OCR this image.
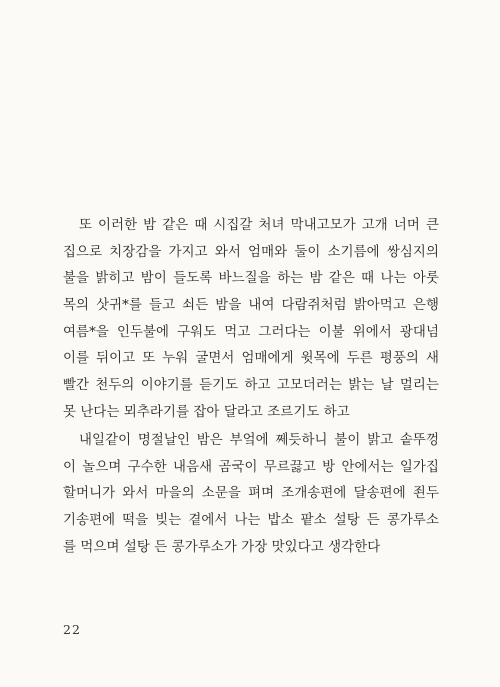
또 이러한 밤 같은 때 시집갈 처녀 막내고모가 고개 너머 큰
집으로 치장감을 가지고 와서 엄매와 둘이 소기름에 쌍심지의
불을 밝히고 밤이 들도록 바느질을 하는 밤 같은 때 나는 아룻
목의 삿귀*를 들고 쇠든 밤을 내여 다람쥐처럼 밝아먹고 은행
여름*을 인두불에 구워도 먹고 그러다는 이불 위에서 광대넘
이를 뒤이고 또 누워 굴면서 엄매에게 윗목에 두른 평풍의 새
빨간 천두의 이야기를 듣기도 하고 고모더러는 밝는 날 멀리는
못 난다는 뫼추라기를 잡아 달라고 조르기도 하고
내일같이 명절날인 밤은 부엌에 쩨듯하니 불이 밝고 솥뚜껑
이 놀으며 구수한 내음새 곰국이 무르끓고 방 안에서는 일가집
할머니가 와서 마을의 소문을 펴며 조개송편에 달송편에 죈두
기송편에 떡을 빚는 곁에서 나는 밥소 팥소 설탕 든 콩가루소
를 먹으며 설탕 든 콩가루소가 가장 맛있다고 생각한다
22
